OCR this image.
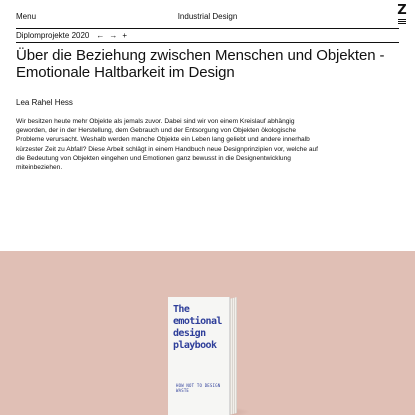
Menu	Industrial Design	Z
Diplomprojekte 2020 ← → +
Über die Beziehung zwischen Menschen und Objekten - Emotionale Haltbarkeit im Design
Lea Rahel Hess

Wir besitzen heute mehr Objekte als jemals zuvor. Dabei sind wir von einem Kreislauf abhängig geworden, der in der Herstellung, dem Gebrauch und der Entsorgung von Objekten ökologische Probleme verursacht. Weshalb werden manche Objekte ein Leben lang geliebt und andere innerhalb kürzester Zeit zu Abfall? Diese Arbeit schlägt in einem Handbuch neue Designprinzipien vor, welche auf die Bedeutung von Objekten eingehen und Emotionen ganz bewusst in die Designentwicklung miteinbeziehen.

The
emotional
design
playbook
HOW NOT TO DESIGN WASTE
